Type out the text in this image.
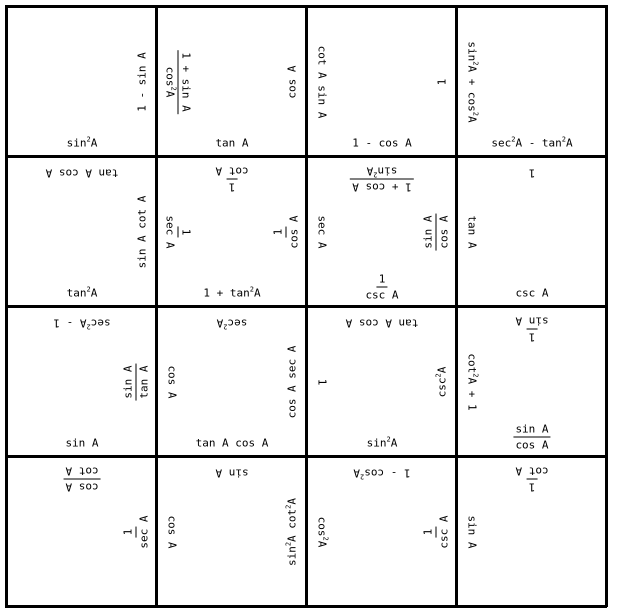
$\sin^2A$
1 - sin A
tan A
1 + sin A
$\cos^2A$	cos A
1 - cos A
cot A sin A	1
$\sec^2A - \tan^2A$
$\sin^2A + \cos^2A$
$\tan^2A$
tan A cos A
sin A cot A
$1 + \tan^2A$
1
cot A
1
sec A	1 cos A
$\frac{1}{\text{csc A}}$
1 + cos A
$\sin^2A$
sec A	sin A cos A
csc A
1
tan A
sin A
$\sec^2A - 1$
sin A tan A
tan A cos A
$\sec^2A$
cos A	cos A sec A
$\sin^2A$
tan A cos A
1	$\csc^2A$
$\frac{\text{sin A}}{\text{cos A}}$
1
sin A
$\cot^2A + 1$
cos A
cot A
1 sec A
sin A
cos A
$\sin^2A$ $\cot^2A$
$1 - \cos^2A$
$\cos^2A$
1 csc A
1
cot A
sin A
